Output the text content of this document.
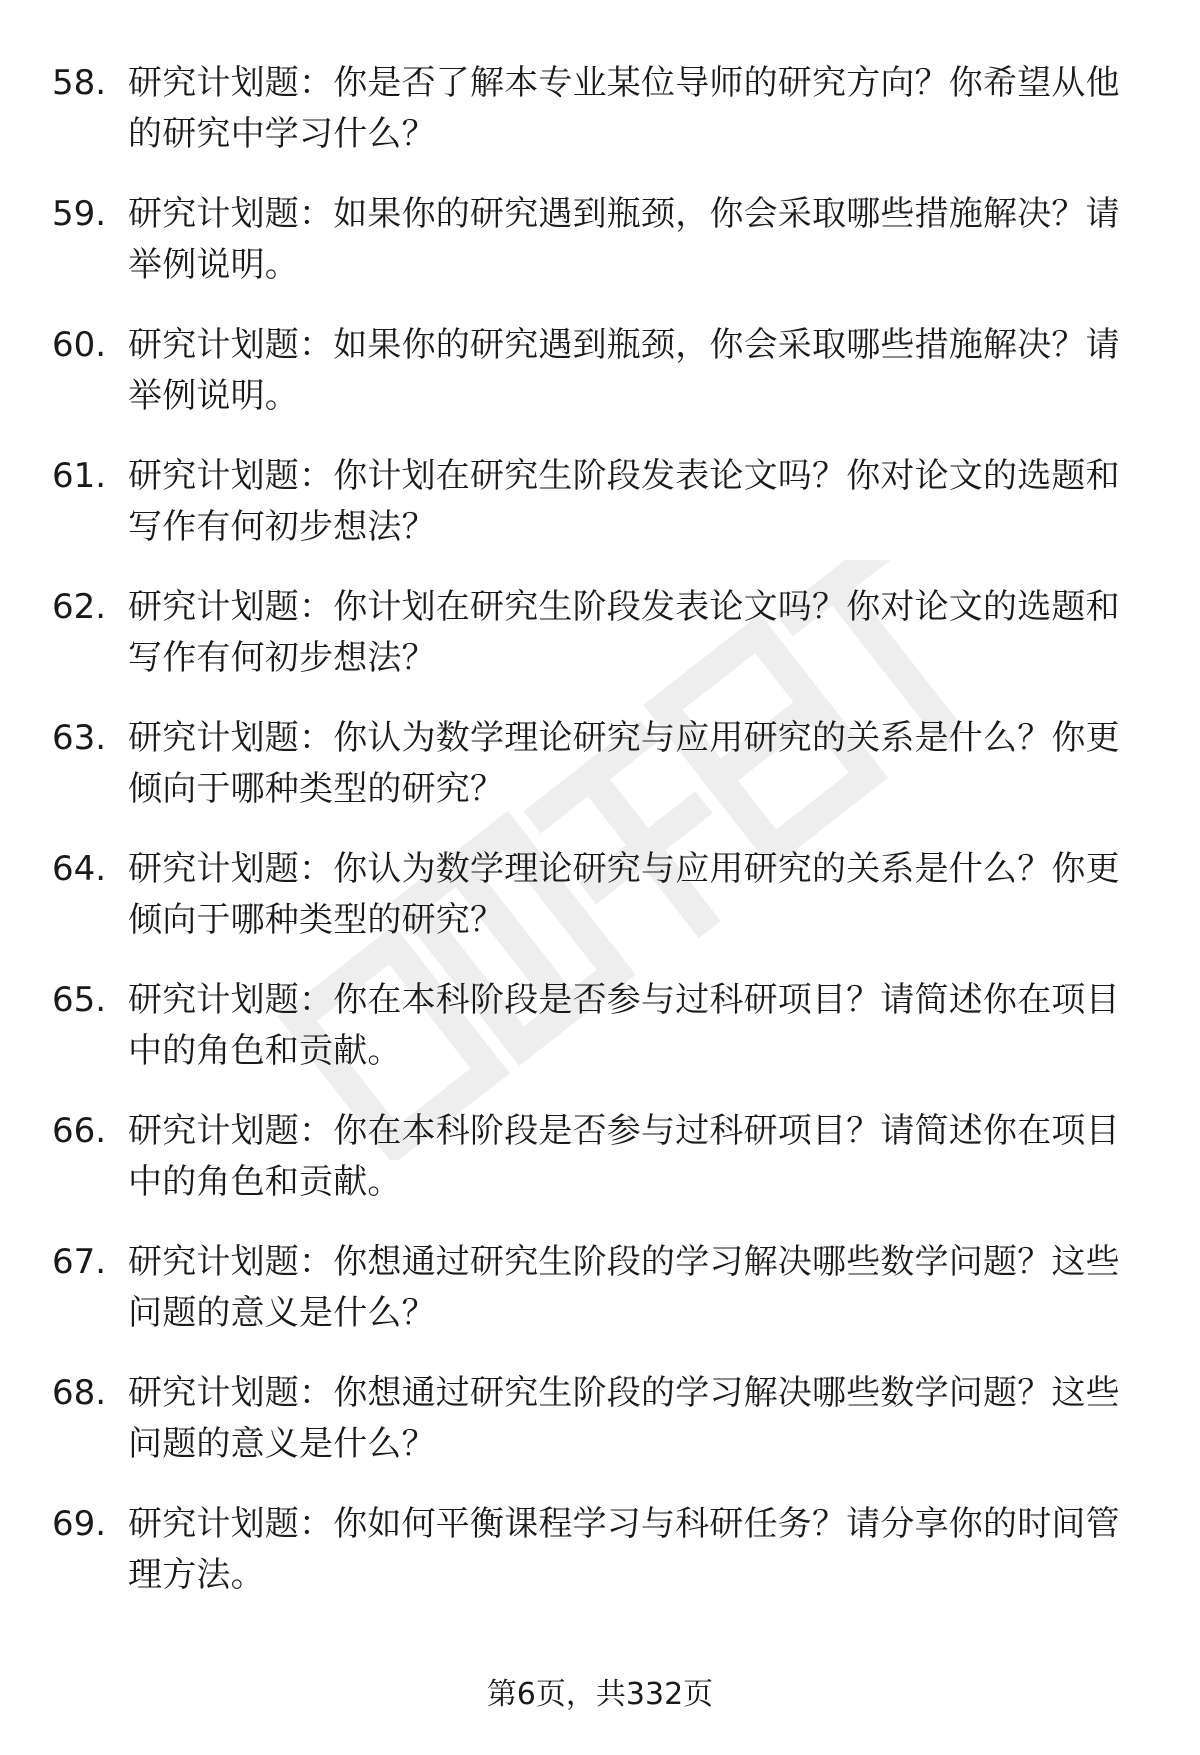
58. 研究计划题：你是否了解本专业某位导师的研究方向？你希望从他的研究中学习什么？
59. 研究计划题：如果你的研究遇到瓶颈，你会采取哪些措施解决？请举例说明。
60. 研究计划题：如果你的研究遇到瓶颈，你会采取哪些措施解决？请举例说明。
61. 研究计划题：你计划在研究生阶段发表论文吗？你对论文的选题和写作有何初步想法？
62. 研究计划题：你计划在研究生阶段发表论文吗？你对论文的选题和写作有何初步想法？
63. 研究计划题：你认为数学理论研究与应用研究的关系是什么？你更倾向于哪种类型的研究？
64. 研究计划题：你认为数学理论研究与应用研究的关系是什么？你更倾向于哪种类型的研究？
65. 研究计划题：你在本科阶段是否参与过科研项目？请简述你在项目中的角色和贡献。
66. 研究计划题：你在本科阶段是否参与过科研项目？请简述你在项目中的角色和贡献。
67. 研究计划题：你想通过研究生阶段的学习解决哪些数学问题？这些问题的意义是什么？
68. 研究计划题：你想通过研究生阶段的学习解决哪些数学问题？这些问题的意义是什么？
69. 研究计划题：你如何平衡课程学习与科研任务？请分享你的时间管理方法。
第6页，共332页
